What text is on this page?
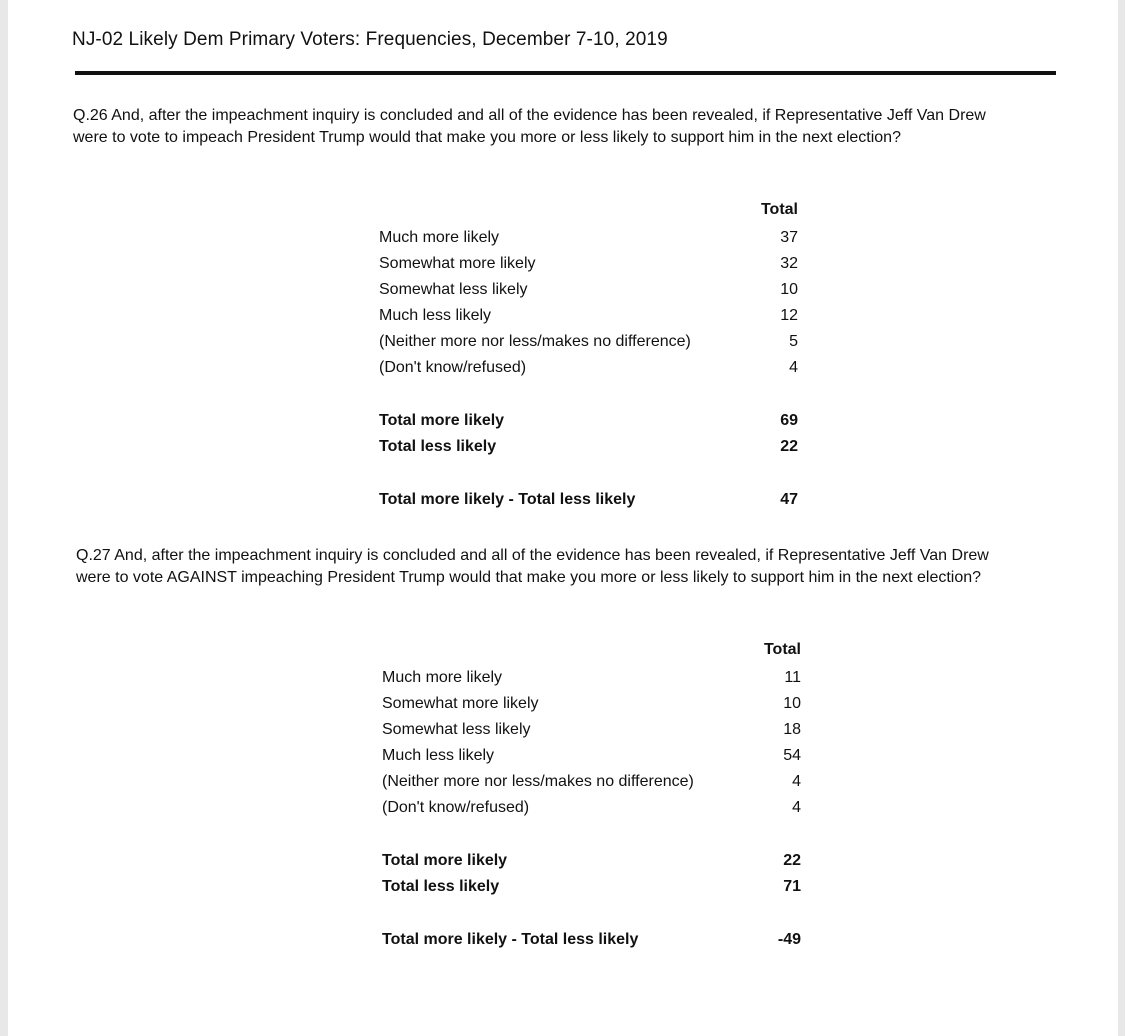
NJ-02 Likely Dem Primary Voters: Frequencies, December 7-10, 2019
Q.26 And, after the impeachment inquiry is concluded and all of the evidence has been revealed, if Representative Jeff Van Drew were to vote to impeach President Trump would that make you more or less likely to support him in the next election?
Total
Much more likely	37
Somewhat more likely	32
Somewhat less likely	10
Much less likely	12
(Neither more nor less/makes no difference)	5
(Don't know/refused)	4
Total more likely	69
Total less likely	22
Total more likely - Total less likely	47
Q.27 And, after the impeachment inquiry is concluded and all of the evidence has been revealed, if Representative Jeff Van Drew were to vote AGAINST impeaching President Trump would that make you more or less likely to support him in the next election?
Total
Much more likely	11
Somewhat more likely	10
Somewhat less likely	18
Much less likely	54
(Neither more nor less/makes no difference)	4
(Don't know/refused)	4
Total more likely	22
Total less likely	71
Total more likely - Total less likely	-49
